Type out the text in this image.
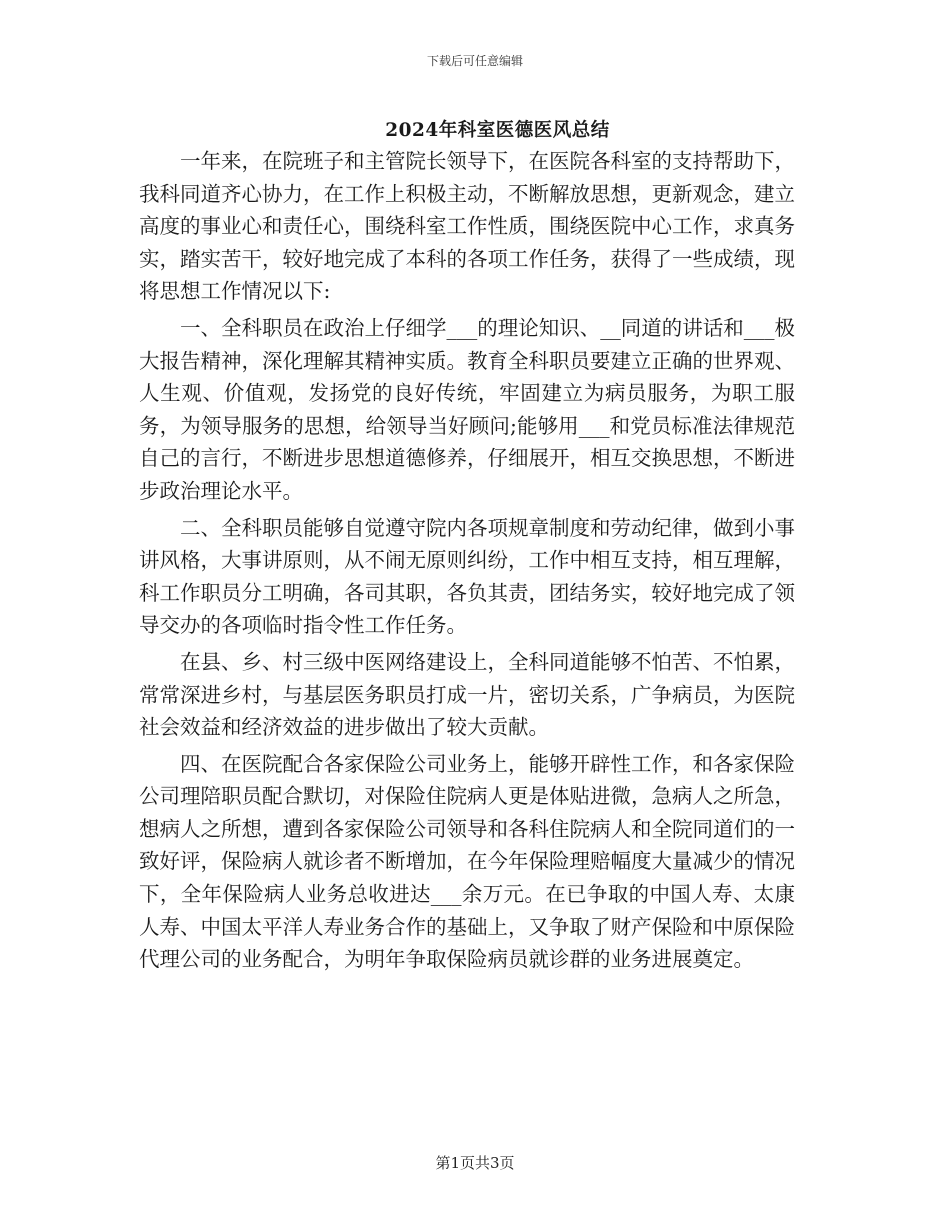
下载后可任意编辑
2024年科室医德医风总结

一年来，在院班子和主管院长领导下，在医院各科室的支持帮助下，我科同道齐心协力，在工作上积极主动，不断解放思想，更新观念，建立高度的事业心和责任心，围绕科室工作性质，围绕医院中心工作，求真务实，踏实苦干，较好地完成了本科的各项工作任务，获得了一些成绩，现将思想工作情况以下:

一、全科职员在政治上仔细学___的理论知识、__同道的讲话和___极大报告精神，深化理解其精神实质。教育全科职员要建立正确的世界观、人生观、价值观，发扬党的良好传统，牢固建立为病员服务，为职工服务，为领导服务的思想，给领导当好顾问;能够用___和党员标准法律规范自己的言行，不断进步思想道德修养，仔细展开，相互交换思想，不断进步政治理论水平。

二、全科职员能够自觉遵守院内各项规章制度和劳动纪律，做到小事讲风格，大事讲原则，从不闹无原则纠纷，工作中相互支持，相互理解，科工作职员分工明确，各司其职，各负其责，团结务实，较好地完成了领导交办的各项临时指令性工作任务。

在县、乡、村三级中医网络建设上，全科同道能够不怕苦、不怕累，常常深进乡村，与基层医务职员打成一片，密切关系，广争病员，为医院社会效益和经济效益的进步做出了较大贡献。

四、在医院配合各家保险公司业务上，能够开辟性工作，和各家保险公司理陪职员配合默切，对保险住院病人更是体贴进微，急病人之所急，想病人之所想，遭到各家保险公司领导和各科住院病人和全院同道们的一致好评，保险病人就诊者不断增加，在今年保险理赔幅度大量减少的情况下，全年保险病人业务总收进达___余万元。在已争取的中国人寿、太康人寿、中国太平洋人寿业务合作的基础上，又争取了财产保险和中原保险代理公司的业务配合，为明年争取保险病员就诊群的业务进展奠定。

第1页共3页
